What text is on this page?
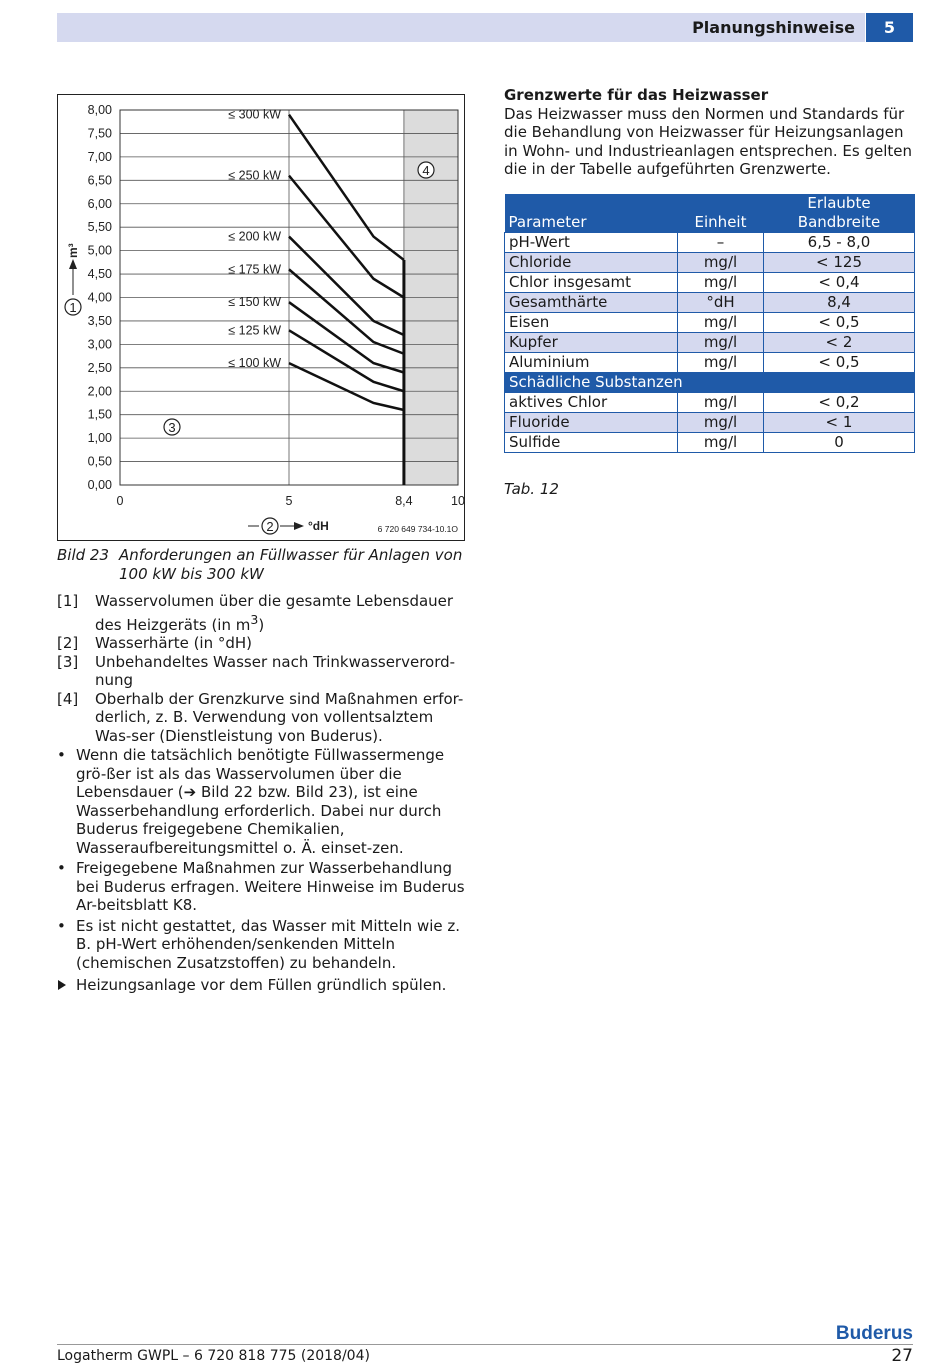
Planungshinweise	5
0,00
0,50
1,00
1,50
2,00
2,50
3,00
3,50
4,00
4,50
5,00
5,50
6,00
6,50
7,00
7,50
8,00
0	5	8,4	10
≤ 300 kW
≤ 250 kW
≤ 200 kW
≤ 175 kW
≤ 150 kW
≤ 125 kW
≤ 100 kW
1
2
3
4
m³
°dH	6 720 649 734-10.1O
Bild 23 Anforderungen an Füllwasser für Anlagen von 100 kW bis 300 kW
[1] Wasservolumen über die gesamte Lebensdauer des Heizgeräts (in $m^3$)
[2] Wasserhärte (in °dH)
[3] Unbehandeltes Wasser nach Trinkwasserverord-nung
[4] Oberhalb der Grenzkurve sind Maßnahmen erfor-derlich, z. B. Verwendung von vollentsalztem Was-ser (Dienstleistung von Buderus).
• Wenn die tatsächlich benötigte Füllwassermenge grö-ßer ist als das Wasservolumen über die Lebensdauer (➔ Bild 22 bzw. Bild 23), ist eine Wasserbehandlung erforderlich. Dabei nur durch Buderus freigegebene Chemikalien, Wasseraufbereitungsmittel o. Ä. einset-zen.
• Freigegebene Maßnahmen zur Wasserbehandlung bei Buderus erfragen. Weitere Hinweise im Buderus Ar-beitsblatt K8.
• Es ist nicht gestattet, das Wasser mit Mitteln wie z. B. pH-Wert erhöhenden/senkenden Mitteln (chemischen Zusatzstoffen) zu behandeln.
Heizungsanlage vor dem Füllen gründlich spülen.
Grenzwerte für das Heizwasser
Das Heizwasser muss den Normen und Standards für die Behandlung von Heizwasser für Heizungsanlagen in Wohn- und Industrieanlagen entsprechen. Es gelten die in der Tabelle aufgeführten Grenzwerte.
Parameter	Einheit	Erlaubte
Bandbreite

pH-Wert	–	6,5 - 8,0
Chloride	mg/l	< 125
Chlor insgesamt	mg/l	< 0,4
Gesamthärte	°dH	8,4
Eisen	mg/l	< 0,5
Kupfer	mg/l	< 2
Aluminium	mg/l	< 0,5
Schädliche Substanzen		
aktives Chlor	mg/l	< 0,2
Fluoride	mg/l	< 1
Sulfide	mg/l	0
Tab. 12
Buderus
Logatherm GWPL – 6 720 818 775 (2018/04)	27
